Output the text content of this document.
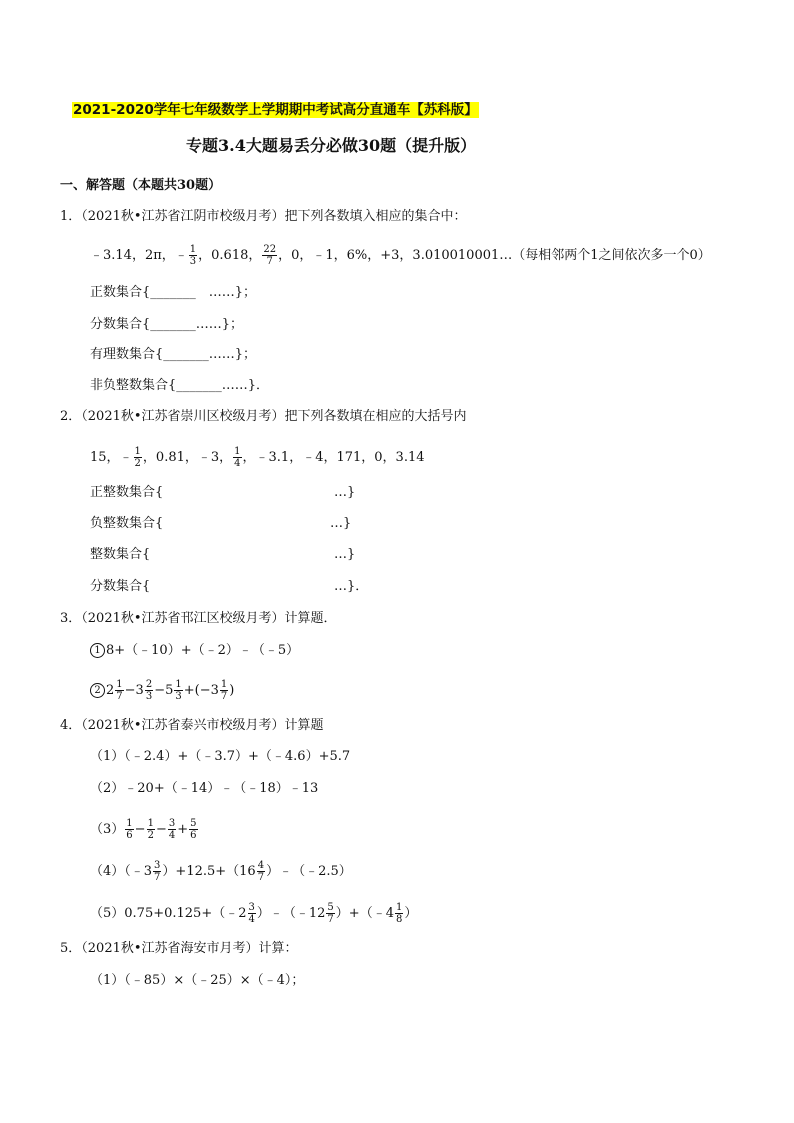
2021-2020学年七年级数学上学期期中考试高分直通车【苏科版】
专题3.4大题易丢分必做30题（提升版）
一、解答题（本题共30题）
1．（2021秋•江苏省江阴市校级月考）把下列各数填入相应的集合中：
﹣3.14，2π，﹣ $\frac{1}{3}$ ，0.618， $\frac{22}{7}$ ，0，﹣1，6%，+3，3.010010001…（每相邻两个1之间依次多一个0）
正数集合{_______　……}；
分数集合{_______……}；
有理数集合{_______……}；
非负整数集合{_______……}．
2．（2021秋•江苏省崇川区校级月考）把下列各数填在相应的大括号内
15，﹣ $\frac{1}{2}$ ，0.81，﹣3， $\frac{1}{4}$ ，﹣3.1，﹣4，171，0，3.14
正整数集合{	…}
负整数集合{	…}
整数集合{	…}
分数集合{	…}．
3．（2021秋•江苏省邗江区校级月考）计算题．
1 8+（﹣10）+（﹣2）﹣（﹣5）
2 $2 \frac{1}{7} -3 \frac{2}{3} -5 \frac{1}{3} +(-3 \frac{1}{7}$ )
4．（2021秋•江苏省泰兴市校级月考）计算题
（1）（﹣2.4）+（﹣3.7）+（﹣4.6）+5.7
（2）﹣20+（﹣14）﹣（﹣18）﹣13
$(3) \frac{1}{6} - \frac{1}{2} - \frac{3}{4} + \frac{5}{6}$
（4）（﹣3 $\frac{3}{7} )+12.5+(16 \frac{4}{7}$ ）﹣（﹣2.5）
（5）0.75+0.125+（﹣2 $\frac{3}{4}$ ）﹣（﹣12 $\frac{5}{7}$ ）+（﹣4 $\frac{1}{8}$ ）
5．（2021秋•江苏省海安市月考）计算：
（1）（﹣85）×（﹣25）×（﹣4）；
